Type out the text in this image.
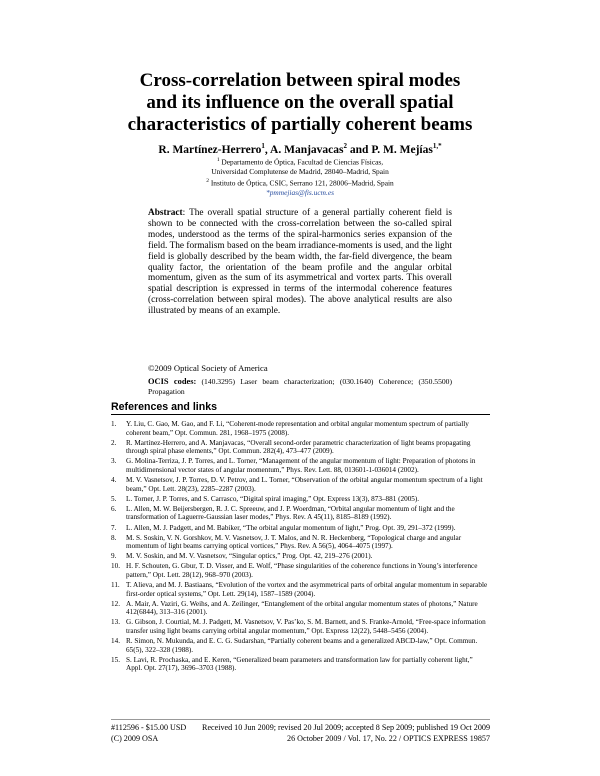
Cross-correlation between spiral modes
and its influence on the overall spatial
characteristics of partially coherent beams
R. Martínez-Herrero$^1$, A. Manjavacas$^2$ and P. M. Mejías$^{1,*}$
$^1$ Departamento de Óptica, Facultad de Ciencias Físicas,
Universidad Complutense de Madrid, 28040–Madrid, Spain
$^2$ Instituto de Óptica, CSIC, Serrano 121, 28006–Madrid, Spain
*pmmejias@fis.ucm.es
Abstract: The overall spatial structure of a general partially coherent field is shown to be connected with the cross-correlation between the so-called spiral modes, understood as the terms of the spiral-harmonics series expansion of the field. The formalism based on the beam irradiance-moments is used, and the light field is globally described by the beam width, the far-field divergence, the beam quality factor, the orientation of the beam profile and the angular orbital momentum, given as the sum of its asymmetrical and vortex parts. This overall spatial description is expressed in terms of the intermodal coherence features (cross-correlation between spiral modes). The above analytical results are also illustrated by means of an example.
©2009 Optical Society of America
OCIS codes: (140.3295) Laser beam characterization; (030.1640) Coherence; (350.5500) Propagation
References and links
1. Y. Liu, C. Gao, M. Gao, and F. Li, “Coherent-mode representation and orbital angular momentum spectrum of partially coherent beam,” Opt. Commun. 281, 1968–1975 (2008).
2. R. Martínez-Herrero, and A. Manjavacas, “Overall second-order parametric characterization of light beams propagating through spiral phase elements,” Opt. Commun. 282(4), 473–477 (2009).
3. G. Molina-Terriza, J. P. Torres, and L. Torner, “Management of the angular momentum of light: Preparation of photons in multidimensional vector states of angular momentum,” Phys. Rev. Lett. 88, 013601-1-036014 (2002).
4. M. V. Vasnetsov, J. P. Torres, D. V. Petrov, and L. Torner, “Observation of the orbital angular momentum spectrum of a light beam,” Opt. Lett. 28(23), 2285–2287 (2003).
5. L. Torner, J. P. Torres, and S. Carrasco, “Digital spiral imaging,” Opt. Express 13(3), 873–881 (2005).
6. L. Allen, M. W. Beijersbergen, R. J. C. Spreeuw, and J. P. Woerdman, “Orbital angular momentum of light and the transformation of Laguerre-Gaussian laser modes,” Phys. Rev. A 45(11), 8185–8189 (1992).
7. L. Allen, M. J. Padgett, and M. Babiker, “The orbital angular momentum of light,” Prog. Opt. 39, 291–372 (1999).
8. M. S. Soskin, V. N. Gorshkov, M. V. Vasnetsov, J. T. Malos, and N. R. Heckenberg, “Topological charge and angular momentum of light beams carrying optical vortices,” Phys. Rev. A 56(5), 4064–4075 (1997).
9. M. V. Soskin, and M. V. Vasnetsov, “Singular optics,” Prog. Opt. 42, 219–276 (2001).
10. H. F. Schouten, G. Gbur, T. D. Visser, and E. Wolf, “Phase singularities of the coherence functions in Young’s interference pattern,” Opt. Lett. 28(12), 968–970 (2003).
11. T. Alieva, and M. J. Bastiaans, “Evolution of the vortex and the asymmetrical parts of orbital angular momentum in separable first-order optical systems,” Opt. Lett. 29(14), 1587–1589 (2004).
12. A. Mair, A. Vaziri, G. Weihs, and A. Zeilinger, “Entanglement of the orbital angular momentum states of photons,” Nature 412(6844), 313–316 (2001).
13. G. Gibson, J. Courtial, M. J. Padgett, M. Vasnetsov, V. Pas’ko, S. M. Barnett, and S. Franke-Arnold, “Free-space information transfer using light beams carrying orbital angular momentum,” Opt. Express 12(22), 5448–5456 (2004).
14. R. Simon, N. Mukunda, and E. C. G. Sudarshan, “Partially coherent beams and a generalized ABCD-law,” Opt. Commun. 65(5), 322–328 (1988).
15. S. Lavi, R. Prochaska, and E. Keren, “Generalized beam parameters and transformation law for partially coherent light,” Appl. Opt. 27(17), 3696–3703 (1988).
#112596 - $15.00 USD Received 10 Jun 2009; revised 20 Jul 2009; accepted 8 Sep 2009; published 19 Oct 2009
(C) 2009 OSA	26 October 2009 / Vol. 17, No. 22 / OPTICS EXPRESS 19857
